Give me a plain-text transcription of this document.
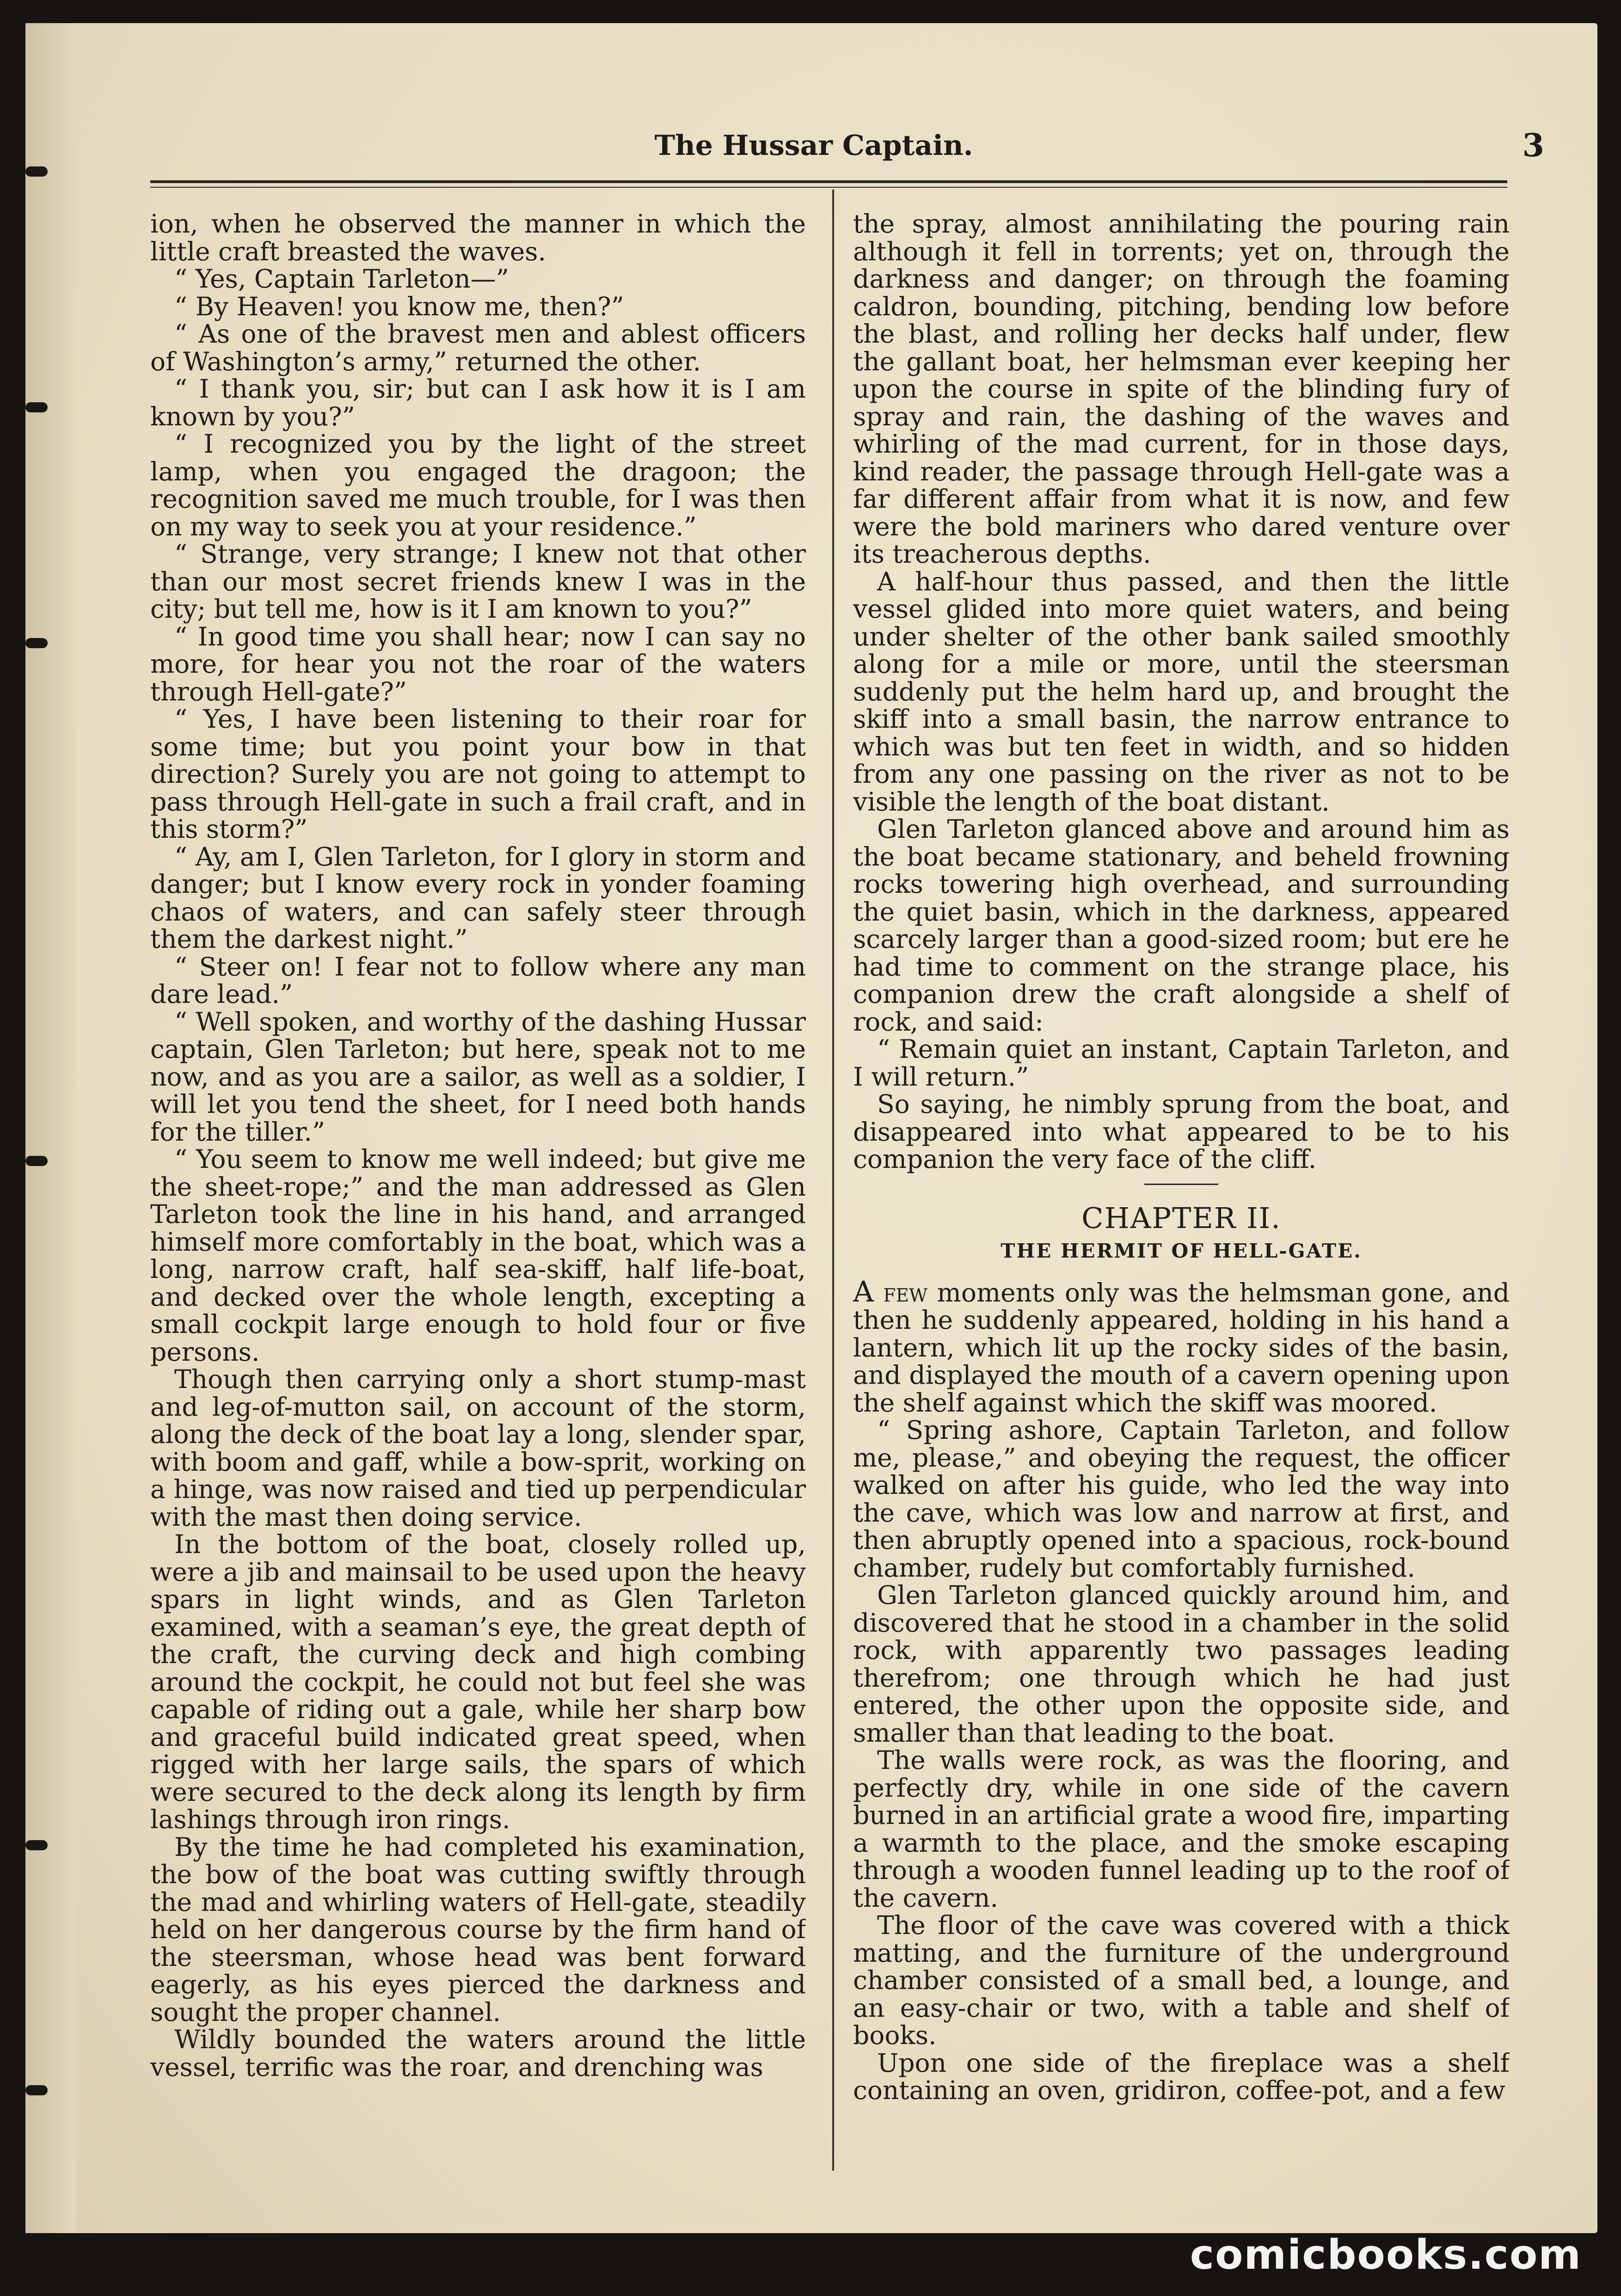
The Hussar Captain.	3

ion, when he observed the manner in which the little craft breasted the waves.

“ Yes, Captain Tarleton—”

“ By Heaven! you know me, then?”

“ As one of the bravest men and ablest officers of Washington’s army,” returned the other.

“ I thank you, sir; but can I ask how it is I am known by you?”

“ I recognized you by the light of the street lamp, when you engaged the dragoon; the recognition saved me much trouble, for I was then on my way to seek you at your residence.”

“ Strange, very strange; I knew not that other than our most secret friends knew I was in the city; but tell me, how is it I am known to you?”

“ In good time you shall hear; now I can say no more, for hear you not the roar of the waters through Hell-gate?”

“ Yes, I have been listening to their roar for some time; but you point your bow in that direction? Surely you are not going to attempt to pass through Hell-gate in such a frail craft, and in this storm?”

“ Ay, am I, Glen Tarleton, for I glory in storm and danger; but I know every rock in yonder foaming chaos of waters, and can safely steer through them the darkest night.”

“ Steer on! I fear not to follow where any man dare lead.”

“ Well spoken, and worthy of the dashing Hussar captain, Glen Tarleton; but here, speak not to me now, and as you are a sailor, as well as a soldier, I will let you tend the sheet, for I need both hands for the tiller.”

“ You seem to know me well indeed; but give me the sheet-rope;” and the man addressed as Glen Tarleton took the line in his hand, and arranged himself more comfortably in the boat, which was a long, narrow craft, half sea-skiff, half life-boat, and decked over the whole length, excepting a small cockpit large enough to hold four or five persons.

Though then carrying only a short stump-mast and leg-of-mutton sail, on account of the storm, along the deck of the boat lay a long, slender spar, with boom and gaff, while a bow-sprit, working on a hinge, was now raised and tied up perpendicular with the mast then doing service.

In the bottom of the boat, closely rolled up, were a jib and mainsail to be used upon the heavy spars in light winds, and as Glen Tarleton examined, with a seaman’s eye, the great depth of the craft, the curving deck and high combing around the cockpit, he could not but feel she was capable of riding out a gale, while her sharp bow and graceful build indicated great speed, when rigged with her large sails, the spars of which were secured to the deck along its length by firm lashings through iron rings.

By the time he had completed his examination, the bow of the boat was cutting swiftly through the mad and whirling waters of Hell-gate, steadily held on her dangerous course by the firm hand of the steersman, whose head was bent forward eagerly, as his eyes pierced the darkness and sought the proper channel.

Wildly bounded the waters around the little vessel, terrific was the roar, and drenching was

the spray, almost annihilating the pouring rain although it fell in torrents; yet on, through the darkness and danger; on through the foaming caldron, bounding, pitching, bending low before the blast, and rolling her decks half under, flew the gallant boat, her helmsman ever keeping her upon the course in spite of the blinding fury of spray and rain, the dashing of the waves and whirling of the mad current, for in those days, kind reader, the passage through Hell-gate was a far different affair from what it is now, and few were the bold mariners who dared venture over its treacherous depths.

A half-hour thus passed, and then the little vessel glided into more quiet waters, and being under shelter of the other bank sailed smoothly along for a mile or more, until the steersman suddenly put the helm hard up, and brought the skiff into a small basin, the narrow entrance to which was but ten feet in width, and so hidden from any one passing on the river as not to be visible the length of the boat distant.

Glen Tarleton glanced above and around him as the boat became stationary, and beheld frowning rocks towering high overhead, and surrounding the quiet basin, which in the darkness, appeared scarcely larger than a good-sized room; but ere he had time to comment on the strange place, his companion drew the craft alongside a shelf of rock, and said:

“ Remain quiet an instant, Captain Tarleton, and I will return.”

So saying, he nimbly sprung from the boat, and disappeared into what appeared to be to his companion the very face of the cliff.

CHAPTER II.
THE HERMIT OF HELL-GATE.

A few moments only was the helmsman gone, and then he suddenly appeared, holding in his hand a lantern, which lit up the rocky sides of the basin, and displayed the mouth of a cavern opening upon the shelf against which the skiff was moored.

“ Spring ashore, Captain Tarleton, and follow me, please,” and obeying the request, the officer walked on after his guide, who led the way into the cave, which was low and narrow at first, and then abruptly opened into a spacious, rock-bound chamber, rudely but comfortably furnished.

Glen Tarleton glanced quickly around him, and discovered that he stood in a chamber in the solid rock, with apparently two passages leading therefrom; one through which he had just entered, the other upon the opposite side, and smaller than that leading to the boat.

The walls were rock, as was the flooring, and perfectly dry, while in one side of the cavern burned in an artificial grate a wood fire, imparting a warmth to the place, and the smoke escaping through a wooden funnel leading up to the roof of the cavern.

The floor of the cave was covered with a thick matting, and the furniture of the underground chamber consisted of a small bed, a lounge, and an easy-chair or two, with a table and shelf of books.

Upon one side of the fireplace was a shelf containing an oven, gridiron, coffee-pot, and a few

comicbooks.com
